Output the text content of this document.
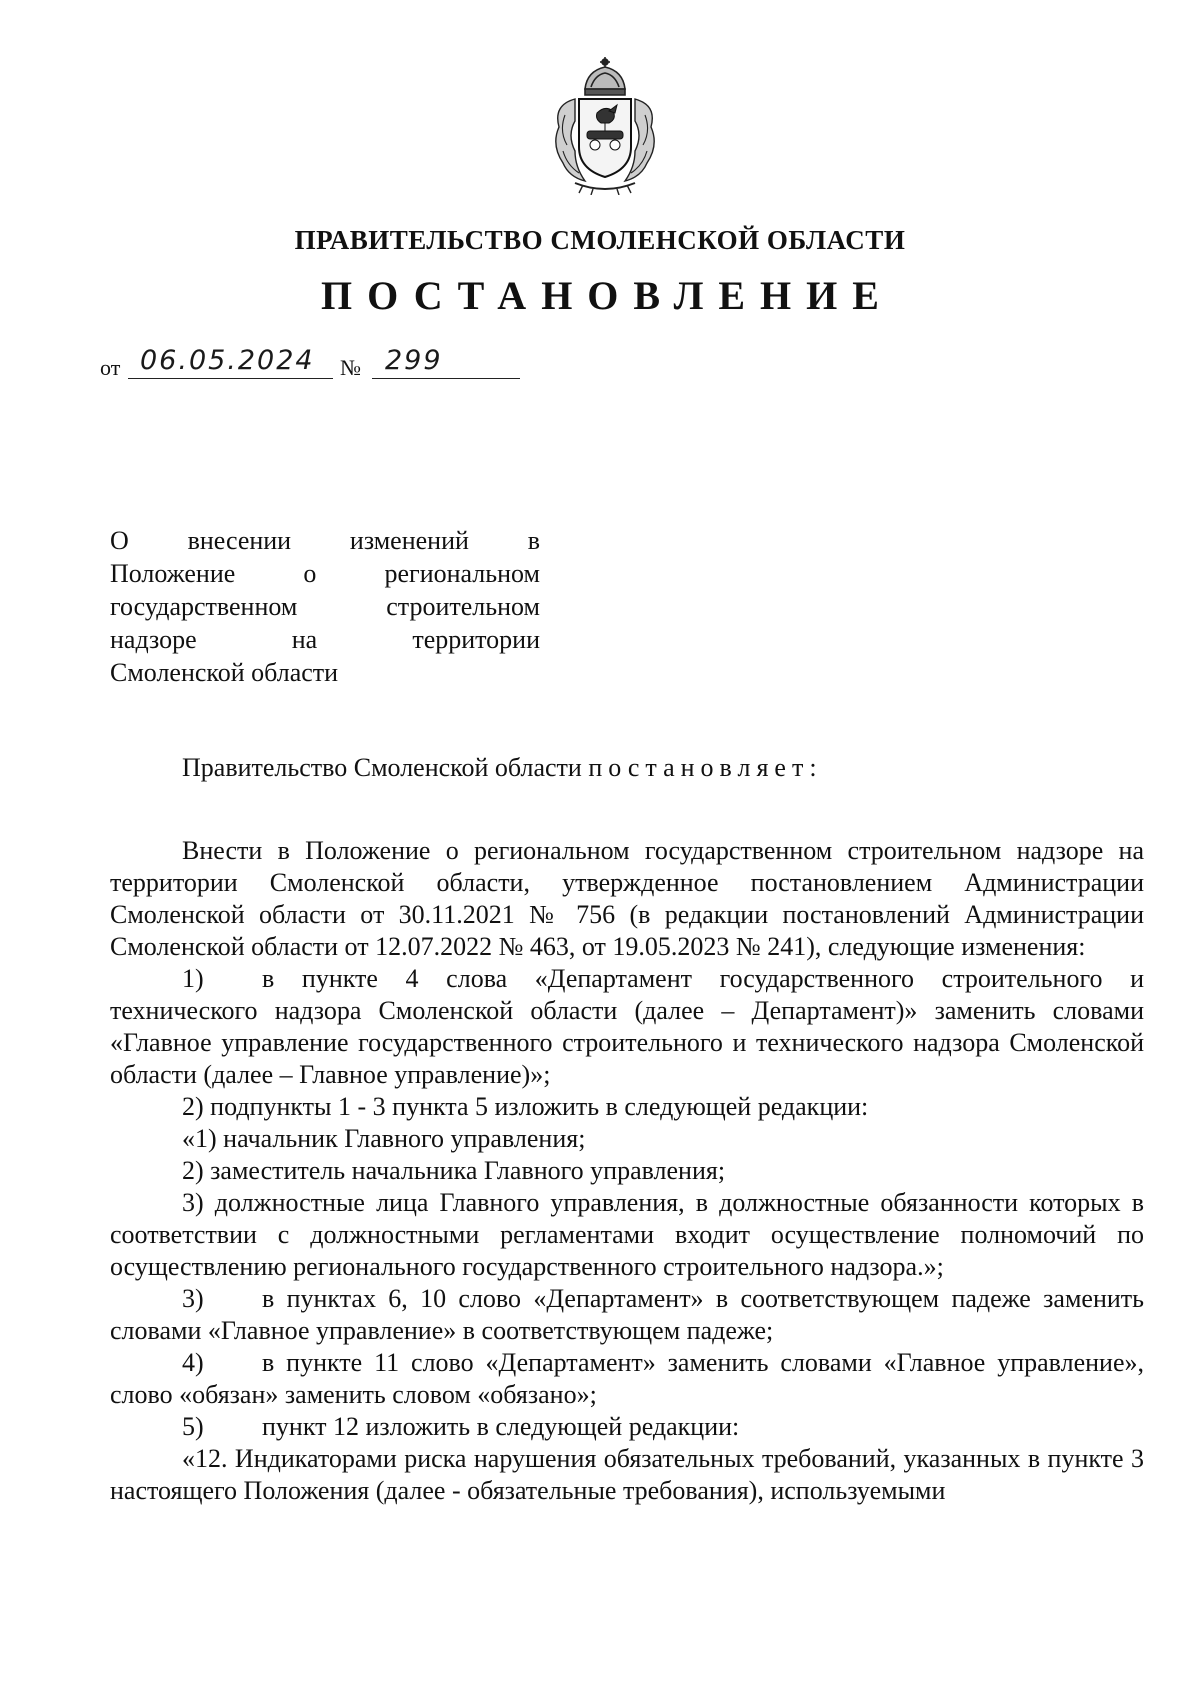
ПРАВИТЕЛЬСТВО СМОЛЕНСКОЙ ОБЛАСТИ
ПОСТАНОВЛЕНИЕ
от 06.05.2024 № 299
О внесении изменений в
Положение о региональном
государственном строительном
надзоре на территории
Смоленской области

Правительство Смоленской области постановляет:

Внести в Положение о региональном государственном строительном надзоре на территории Смоленской области, утвержденное постановлением Администрации Смоленской области от 30.11.2021 № 756 (в редакции постановлений Администрации Смоленской области от 12.07.2022 № 463, от 19.05.2023 № 241), следующие изменения:

1) в пункте 4 слова «Департамент государственного строительного и технического надзора Смоленской области (далее – Департамент)» заменить словами «Главное управление государственного строительного и технического надзора Смоленской области (далее – Главное управление)»;

2) подпункты 1 - 3 пункта 5 изложить в следующей редакции:

«1) начальник Главного управления;

2) заместитель начальника Главного управления;

3) должностные лица Главного управления, в должностные обязанности которых в соответствии с должностными регламентами входит осуществление полномочий по осуществлению регионального государственного строительного надзора.»;

3) в пунктах 6, 10 слово «Департамент» в соответствующем падеже заменить словами «Главное управление» в соответствующем падеже;

4) в пункте 11 слово «Департамент» заменить словами «Главное управление», слово «обязан» заменить словом «обязано»;

5) пункт 12 изложить в следующей редакции:

«12. Индикаторами риска нарушения обязательных требований, указанных в пункте 3 настоящего Положения (далее - обязательные требования), используемыми
